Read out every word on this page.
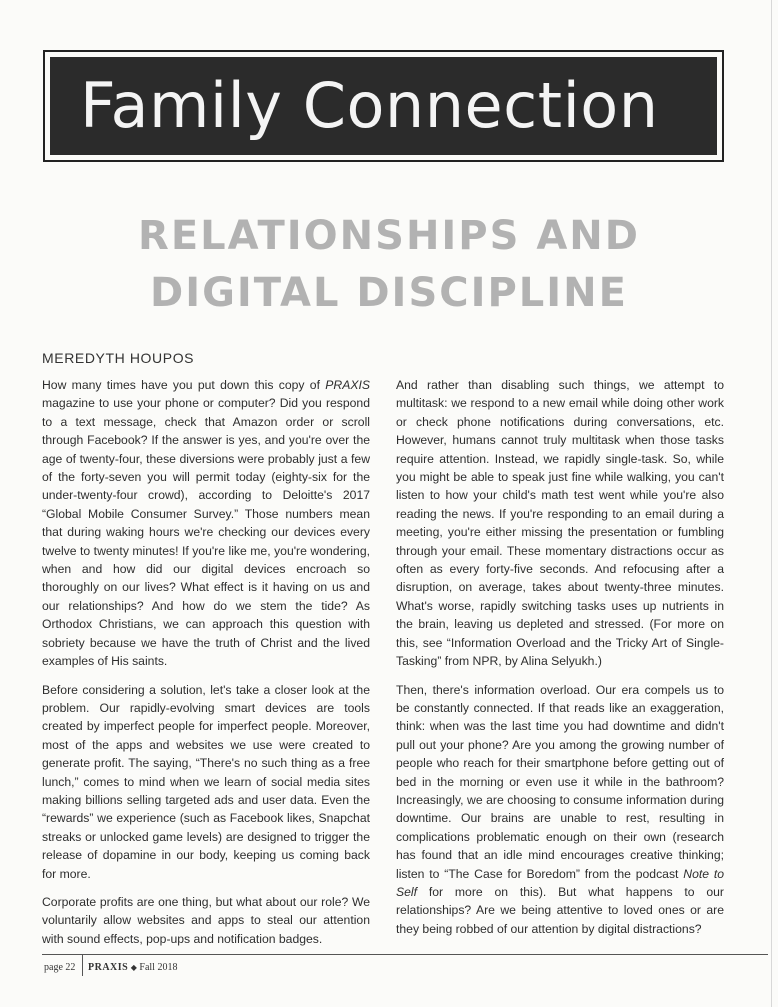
Family Connection
RELATIONSHIPS AND
DIGITAL DISCIPLINE
MEREDYTH HOUPOS

How many times have you put down this copy of PRAXIS magazine to use your phone or computer? Did you respond to a text message, check that Amazon order or scroll through Facebook? If the answer is yes, and you're over the age of twenty-four, these diversions were probably just a few of the forty-seven you will permit today (eighty-six for the under-twenty-four crowd), according to Deloitte's 2017 “Global Mobile Consumer Survey.” Those numbers mean that during waking hours we're checking our devices every twelve to twenty minutes! If you're like me, you're wondering, when and how did our digital devices encroach so thoroughly on our lives? What effect is it having on us and our relationships? And how do we stem the tide? As Orthodox Christians, we can approach this question with sobriety because we have the truth of Christ and the lived examples of His saints.

Before considering a solution, let's take a closer look at the problem. Our rapidly-evolving smart devices are tools created by imperfect people for imperfect people. Moreover, most of the apps and websites we use were created to generate profit. The saying, “There's no such thing as a free lunch,” comes to mind when we learn of social media sites making billions selling targeted ads and user data. Even the “rewards” we experience (such as Facebook likes, Snapchat streaks or unlocked game levels) are designed to trigger the release of dopamine in our body, keeping us coming back for more.

Corporate profits are one thing, but what about our role? We voluntarily allow websites and apps to steal our attention with sound effects, pop-ups and notification badges.

And rather than disabling such things, we attempt to multitask: we respond to a new email while doing other work or check phone notifications during conversations, etc. However, humans cannot truly multitask when those tasks require attention. Instead, we rapidly single-task. So, while you might be able to speak just fine while walking, you can't listen to how your child's math test went while you're also reading the news. If you're responding to an email during a meeting, you're either missing the presentation or fumbling through your email. These momentary distractions occur as often as every forty-five seconds. And refocusing after a disruption, on average, takes about twenty-three minutes. What's worse, rapidly switching tasks uses up nutrients in the brain, leaving us depleted and stressed. (For more on this, see “Information Overload and the Tricky Art of Single-Tasking” from NPR, by Alina Selyukh.)

Then, there's information overload. Our era compels us to be constantly connected. If that reads like an exaggeration, think: when was the last time you had downtime and didn't pull out your phone? Are you among the growing number of people who reach for their smartphone before getting out of bed in the morning or even use it while in the bathroom? Increasingly, we are choosing to consume information during downtime. Our brains are unable to rest, resulting in complications problematic enough on their own (research has found that an idle mind encourages creative thinking; listen to “The Case for Boredom” from the podcast Note to Self for more on this). But what happens to our relationships? Are we being attentive to loved ones or are they being robbed of our attention by digital distractions?

page 22 PRAXIS ◆ Fall 2018
